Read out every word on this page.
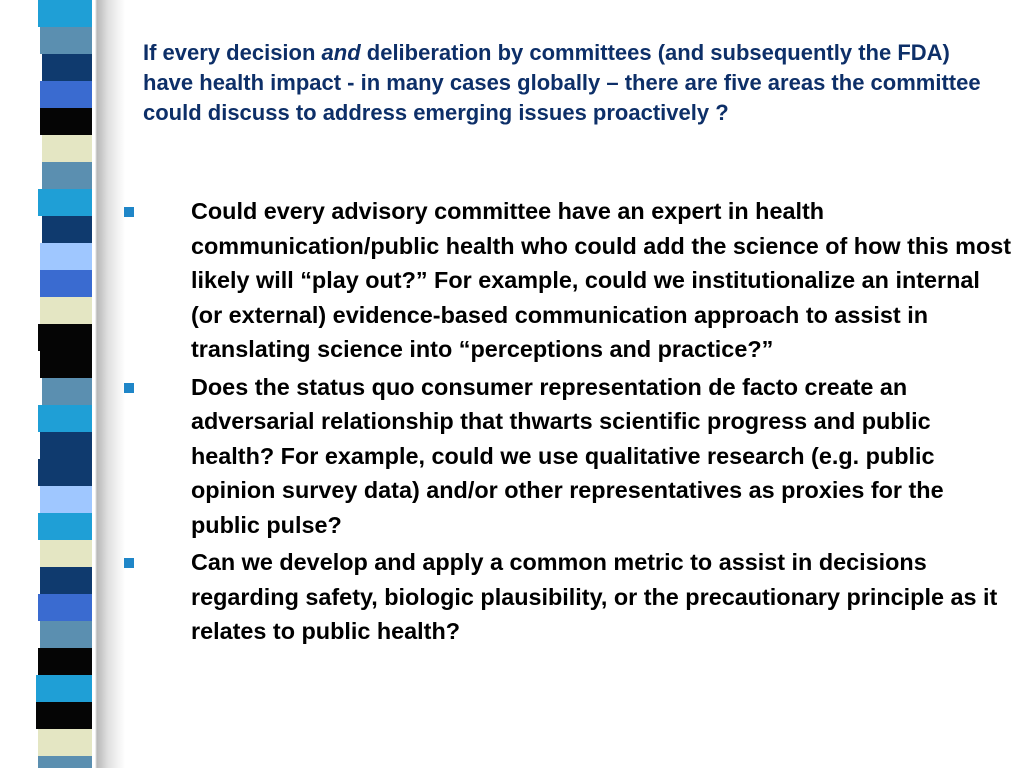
If every decision and deliberation by committees (and subsequently the FDA) have health impact - in many cases globally – there are five areas the committee could discuss to address emerging issues proactively ?
Could every advisory committee have an expert in health communication/public health who could add the science of how this most likely will “play out?” For example, could we institutionalize an internal (or external) evidence-based communication approach to assist in translating science into “perceptions and practice?”
Does the status quo consumer representation de facto create an adversarial relationship that thwarts scientific progress and public health? For example, could we use qualitative research (e.g. public opinion survey data) and/or other representatives as proxies for the public pulse?
Can we develop and apply a common metric to assist in decisions regarding safety, biologic plausibility, or the precautionary principle as it relates to public health?
